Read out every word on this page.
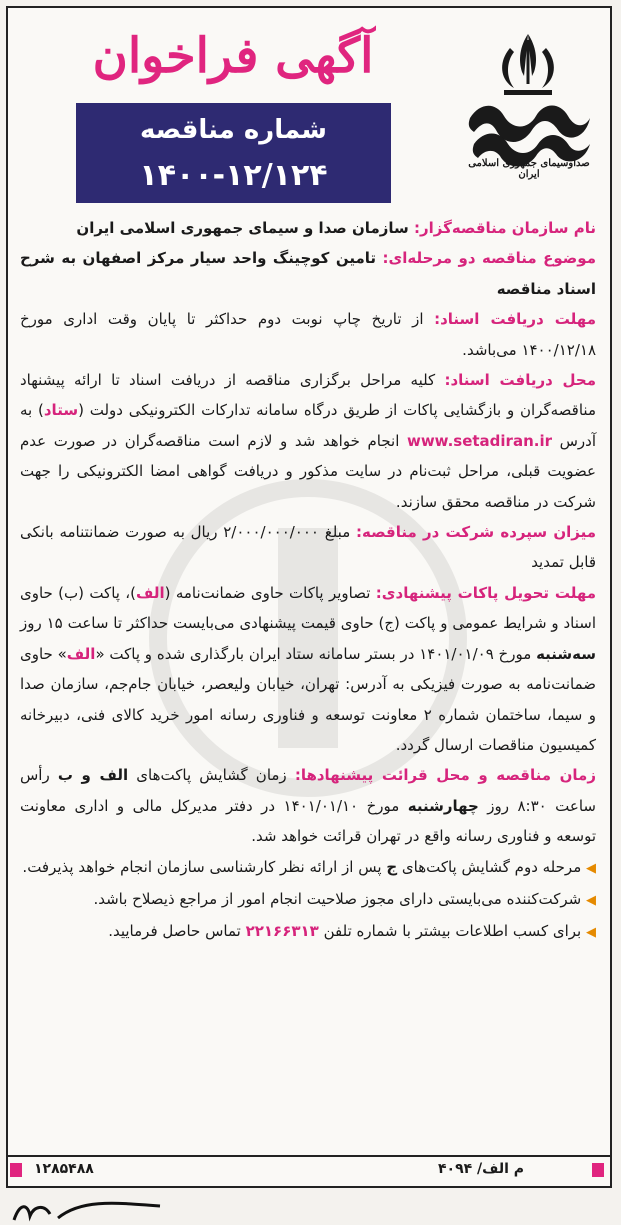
آگهی فراخوان
شماره مناقصه
۱۴۰۰-۱۲/۱۲۴	صداوسیمای جمهوری اسلامی ایران

نام سازمان مناقصه‌گزار: سازمان صدا و سیمای جمهوری اسلامی ایران

موضوع مناقصه دو مرحله‌ای: تامین کوچینگ واحد سیار مرکز اصفهان به شرح اسناد مناقصه

مهلت دریافت اسناد: از تاریخ چاپ نوبت دوم حداکثر تا پایان وقت اداری مورخ ۱۴۰۰/۱۲/۱۸ می‌باشد.

محل دریافت اسناد: کلیه مراحل برگزاری مناقصه از دریافت اسناد تا ارائه پیشنهاد مناقصه‌گران و بازگشایی پاکات از طریق درگاه سامانه تدارکات الکترونیکی دولت (ستاد) به آدرس www.setadiran.ir انجام خواهد شد و لازم است مناقصه‌گران در صورت عدم عضویت قبلی، مراحل ثبت‌نام در سایت مذکور و دریافت گواهی امضا الکترونیکی را جهت شرکت در مناقصه محقق سازند.

میزان سپرده شرکت در مناقصه: مبلغ ۲/۰۰۰/۰۰۰/۰۰۰ ریال به صورت ضمانتنامه بانکی قابل تمدید

مهلت تحویل پاکات پیشنهادی: تصاویر پاکات حاوی ضمانت‌نامه (الف)، پاکت (ب) حاوی اسناد و شرایط عمومی و پاکت (ج) حاوی قیمت پیشنهادی می‌بایست حداکثر تا ساعت ۱۵ روز سه‌شنبه مورخ ۱۴۰۱/۰۱/۰۹ در بستر سامانه ستاد ایران بارگذاری شده و پاکت «الف» حاوی ضمانت‌نامه به صورت فیزیکی به آدرس: تهران، خیابان ولیعصر، خیابان جام‌جم، سازمان صدا و سیما، ساختمان شماره ۲ معاونت توسعه و فناوری رسانه امور خرید کالای فنی، دبیرخانه کمیسیون مناقصات ارسال گردد.

زمان مناقصه و محل قرائت پیشنهادها: زمان گشایش پاکت‌های الف و ب رأس ساعت ۸:۳۰ روز چهارشنبه مورخ ۱۴۰۱/۰۱/۱۰ در دفتر مدیرکل مالی و اداری معاونت توسعه و فناوری رسانه واقع در تهران قرائت خواهد شد.

◀ مرحله دوم گشایش پاکت‌های ج پس از ارائه نظر کارشناسی سازمان انجام خواهد پذیرفت.

◀ شرکت‌کننده می‌بایستی دارای مجوز صلاحیت انجام امور از مراجع ذیصلاح باشد.

◀ برای کسب اطلاعات بیشتر با شماره تلفن ۲۲۱۶۶۳۱۳ تماس حاصل فرمایید.

۱۲۸۵۴۸۸	م الف/ ۴۰۹۴
